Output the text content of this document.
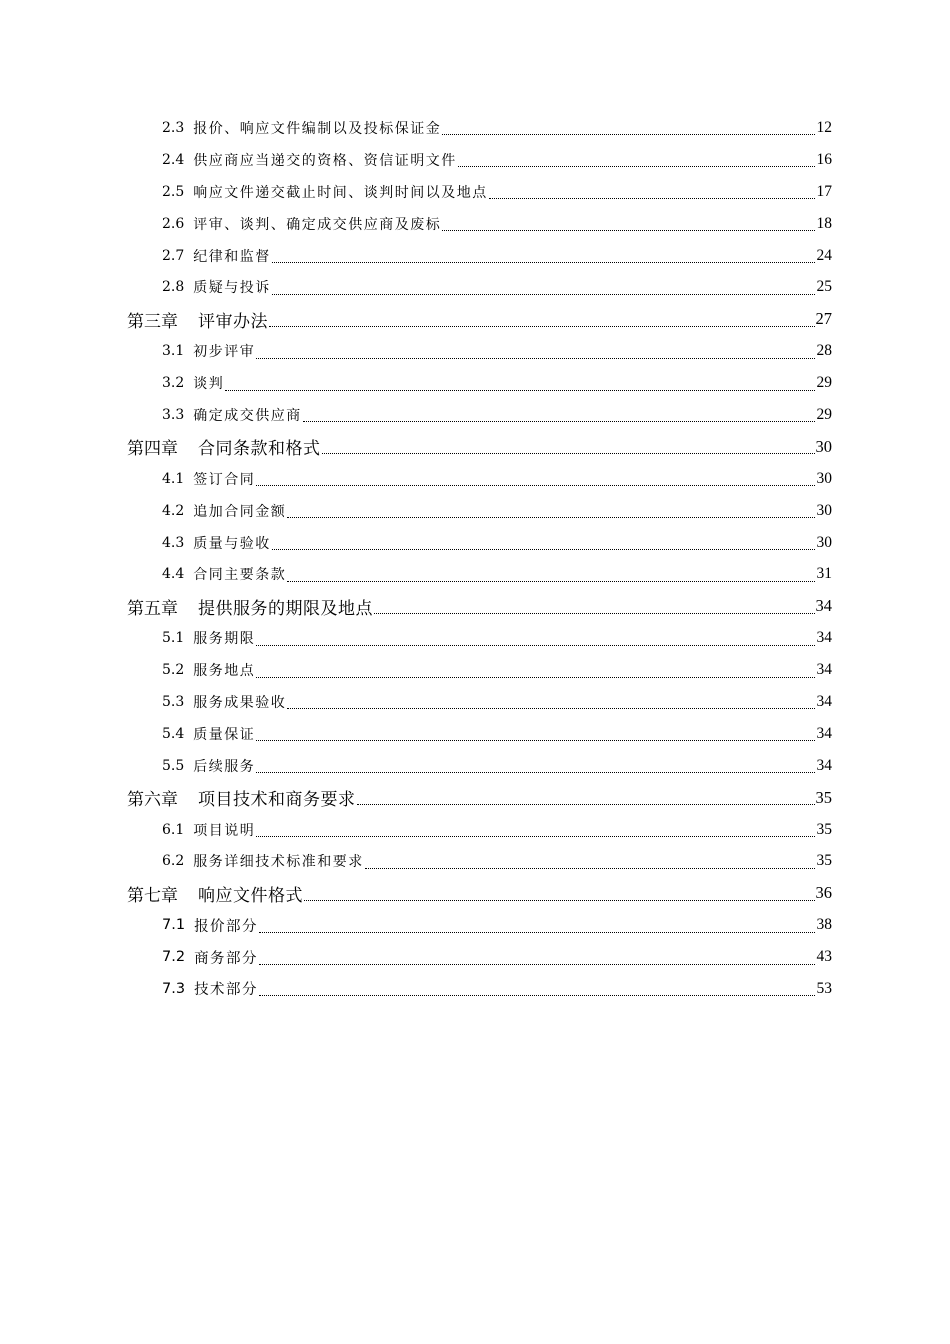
2.3 报价、响应文件编制以及投标保证金	12
2.4 供应商应当递交的资格、资信证明文件	16
2.5 响应文件递交截止时间、谈判时间以及地点	17
2.6 评审、谈判、确定成交供应商及废标	18
2.7 纪律和监督	24
2.8 质疑与投诉	25
第三章 评审办法	27
3.1 初步评审	28
3.2 谈判	29
3.3 确定成交供应商	29
第四章 合同条款和格式	30
4.1 签订合同	30
4.2 追加合同金额	30
4.3 质量与验收	30
4.4 合同主要条款	31
第五章 提供服务的期限及地点	34
5.1 服务期限	34
5.2 服务地点	34
5.3 服务成果验收	34
5.4 质量保证	34
5.5 后续服务	34
第六章 项目技术和商务要求	35
6.1 项目说明	35
6.2 服务详细技术标准和要求	35
第七章 响应文件格式	36
7.1 报价部分	38
7.2 商务部分	43
7.3 技术部分	53
